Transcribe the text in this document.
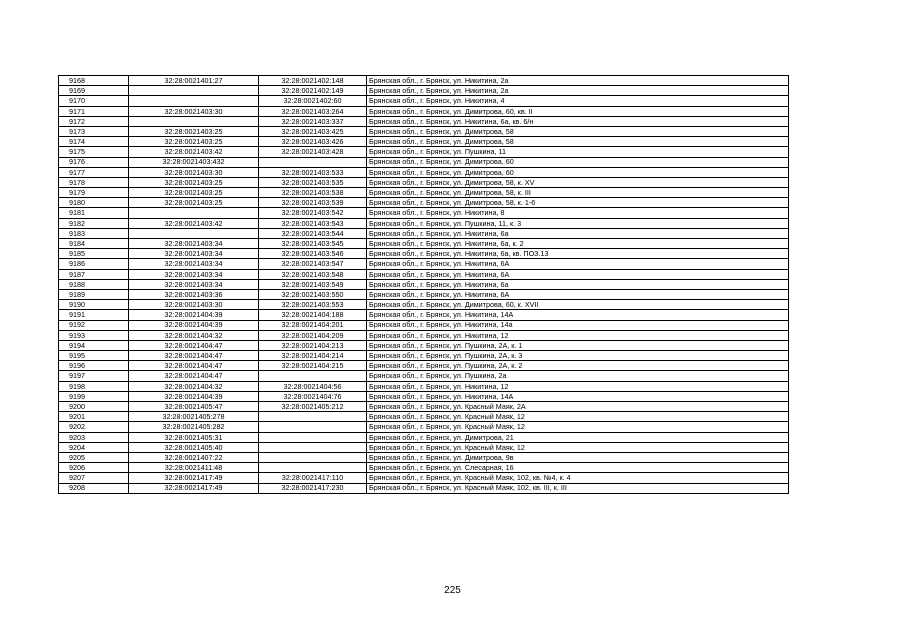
9168	32:28:0021401:27	32:28:0021402:148	Брянская обл., г. Брянск, ул. Никитина, 2а
9169		32:28:0021402:149	Брянская обл., г. Брянск, ул. Никитина, 2а
9170		32:28:0021402:60	Брянская обл., г. Брянск, ул. Никитина, 4
9171	32:28:0021403:30	32:28:0021403:264	Брянская обл., г. Брянск, ул. Димитрова, 60, кв. II
9172		32:28:0021403:337	Брянская обл., г. Брянск, ул. Никитина, 6а, кв. 6/н
9173	32:28:0021403:25	32:28:0021403:425	Брянская обл., г. Брянск, ул. Димитрова, 58
9174	32:28:0021403:25	32:28:0021403:426	Брянская обл., г. Брянск, ул. Димитрова, 58
9175	32:28:0021403:42	32:28:0021403:428	Брянская обл., г. Брянск, ул. Пушкина, 11
9176	32:28:0021403:432		Брянская обл., г. Брянск, ул. Димитрова, 60
9177	32:28:0021403:30	32:28:0021403:533	Брянская обл., г. Брянск, ул. Димитрова, 60
9178	32:28:0021403:25	32:28:0021403:535	Брянская обл., г. Брянск, ул. Димитрова, 58, к. XV
9179	32:28:0021403:25	32:28:0021403:538	Брянская обл., г. Брянск, ул. Димитрова, 58, к. III
9180	32:28:0021403:25	32:28:0021403:539	Брянская обл., г. Брянск, ул. Димитрова, 58, к. 1-6
9181		32:28:0021403:542	Брянская обл., г. Брянск, ул. Никитина, 8
9182	32:28:0021403:42	32:28:0021403:543	Брянская обл., г. Брянск, ул. Пушкина, 11, к. 3
9183		32:28:0021403:544	Брянская обл., г. Брянск, ул. Никитина, 6а
9184	32:28:0021403:34	32:28:0021403:545	Брянская обл., г. Брянск, ул. Никитина, 6а, к. 2
9185	32:28:0021403:34	32:28:0021403:546	Брянская обл., г. Брянск, ул. Никитина, 6а, кв. ПОЗ.13
9186	32:28:0021403:34	32:28:0021403:547	Брянская обл., г. Брянск, ул. Никитина, 6А
9187	32:28:0021403:34	32:28:0021403:548	Брянская обл., г. Брянск, ул. Никитина, 6А
9188	32:28:0021403:34	32:28:0021403:549	Брянская обл., г. Брянск, ул. Никитина, 6а
9189	32:28:0021403:36	32:28:0021403:550	Брянская обл., г. Брянск, ул. Никитина, 6А
9190	32:28:0021403:30	32:28:0021403:553	Брянская обл., г. Брянск, ул. Димитрова, 60, к. XVII
9191	32:28:0021404:39	32:28:0021404:188	Брянская обл., г. Брянск, ул. Никитина, 14А
9192	32:28:0021404:39	32:28:0021404:201	Брянская обл., г. Брянск, ул. Никитина, 14а
9193	32:28:0021404:32	32:28:0021404:209	Брянская обл., г. Брянск, ул. Никитина, 12
9194	32:28:0021404:47	32:28:0021404:213	Брянская обл., г. Брянск, ул. Пушкина, 2А, к. 1
9195	32:28:0021404:47	32:28:0021404:214	Брянская обл., г. Брянск, ул. Пушкина, 2А, к. 3
9196	32:28:0021404:47	32:28:0021404:215	Брянская обл., г. Брянск, ул. Пушкина, 2А, к. 2
9197	32:28:0021404:47		Брянская обл., г. Брянск, ул. Пушкина, 2а
9198	32:28:0021404:32	32:28:0021404:56	Брянская обл., г. Брянск, ул. Никитина, 12
9199	32:28:0021404:39	32:28:0021404:76	Брянская обл., г. Брянск, ул. Никитина, 14А
9200	32:28:0021405:47	32:28:0021405:212	Брянская обл., г. Брянск, ул. Красный Маяк, 2А
9201	32:28:0021405:278		Брянская обл., г. Брянск, ул. Красный Маяк, 12
9202	32:28:0021405:282		Брянская обл., г. Брянск, ул. Красный Маяк, 12
9203	32:28:0021405:31		Брянская обл., г. Брянск, ул. Димитрова, 21
9204	32:28:0021405:40		Брянская обл., г. Брянск, ул. Красный Маяк, 12
9205	32:28:0021407:22		Брянская обл., г. Брянск, ул. Димитрова, 9в
9206	32:28:0021411:48		Брянская обл., г. Брянск, ул. Слесарная, 16
9207	32:28:0021417:49	32:28:0021417:110	Брянская обл., г. Брянск, ул. Красный Маяк, 102, кв. №4, к. 4
9208	32:28:0021417:49	32:28:0021417:230	Брянская обл., г. Брянск, ул. Красный Маяк, 102, кв. III, к. III
225
